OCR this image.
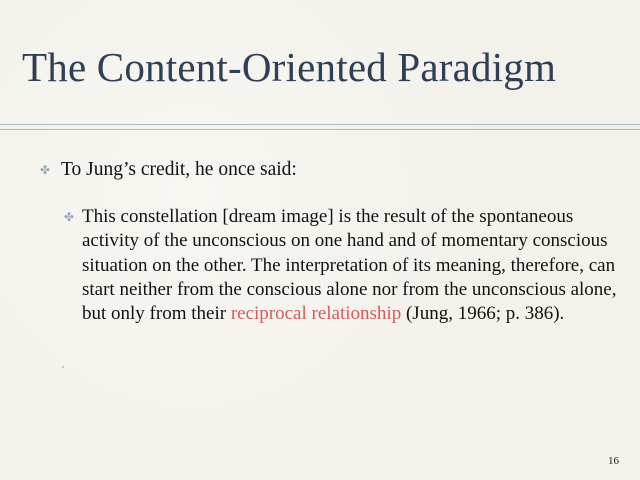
The Content-Oriented Paradigm
✤ To Jung’s credit, he once said:
✤ This constellation [dream image] is the result of the spontaneous activity of the unconscious on one hand and of momentary conscious situation on the other. The interpretation of its meaning, therefore, can start neither from the conscious alone nor from the unconscious alone, but only from their reciprocal relationship (Jung, 1966; p. 386).
16
